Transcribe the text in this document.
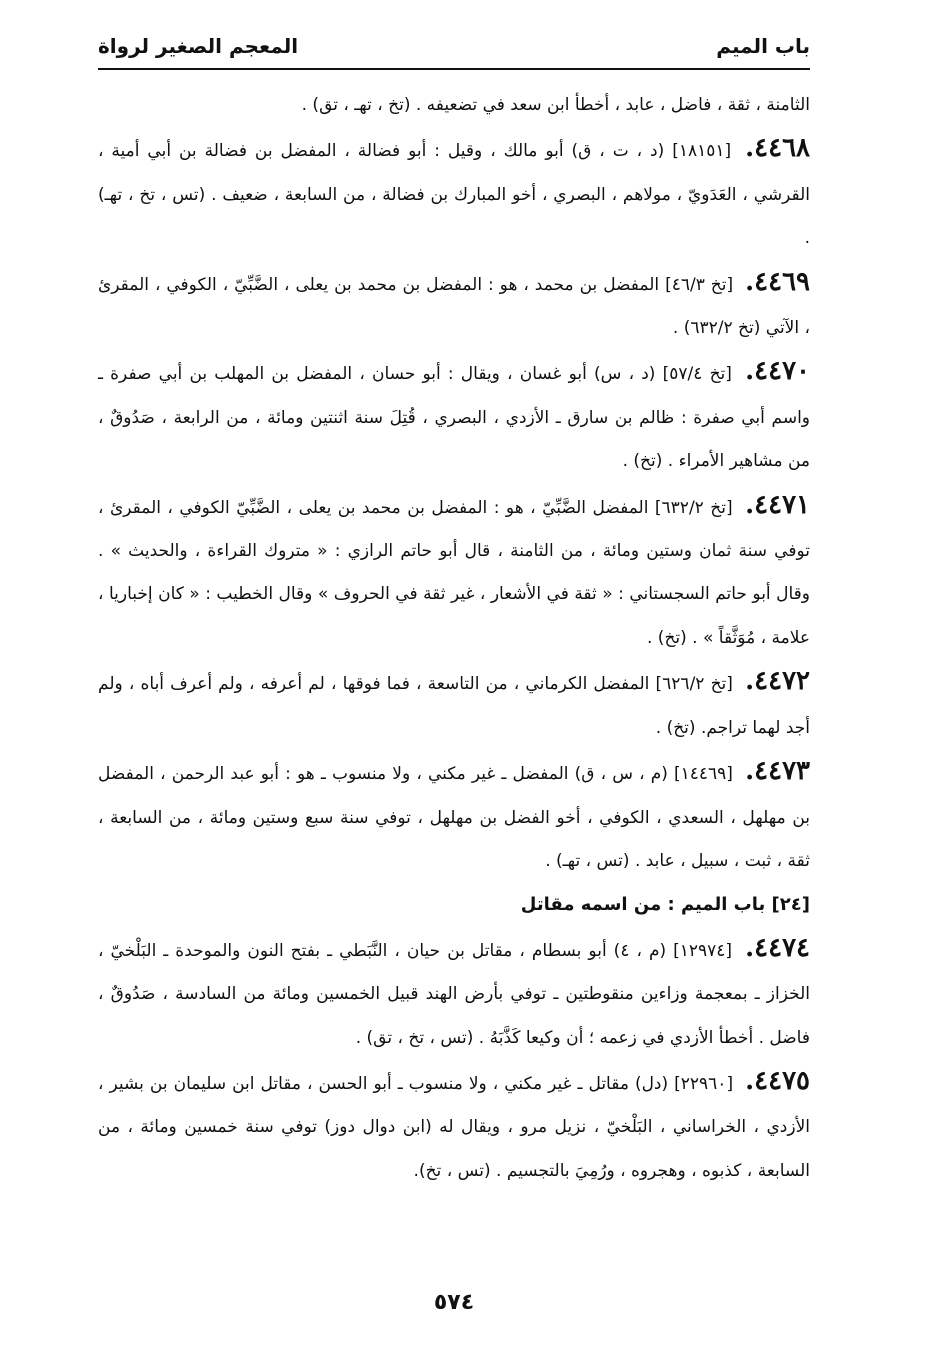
باب الميم
المعجم الصغير لرواة

الثامنة ، ثقة ، فاضل ، عابد ، أخطأ ابن سعد في تضعيفه . (تخ ، تهـ ، تق) .

٤٤٦٨. [١٨١٥١] (د ، ت ، ق) أبو مالك ، وقيل : أبو فضالة ، المفضل بن فضالة بن أبي أمية ، القرشي ، العَدَويّ ، مولاهم ، البصري ، أخو المبارك بن فضالة ، من السابعة ، ضعيف . (تس ، تخ ، تهـ) .

٤٤٦٩. [تخ ٤٦/٣] المفضل بن محمد ، هو : المفضل بن محمد بن يعلى ، الضَّبِّيّ ، الكوفي ، المقرئ ، الآتي (تخ ٦٣٢/٢) .

٤٤٧٠. [تخ ٥٧/٤] (د ، س) أبو غسان ، ويقال : أبو حسان ، المفضل بن المهلب بن أبي صفرة ـ واسم أبي صفرة : ظالم بن سارق ـ الأزدي ، البصري ، قُتِلَ سنة اثنتين ومائة ، من الرابعة ، صَدُوقٌ ، من مشاهير الأمراء . (تخ) .

٤٤٧١. [تخ ٦٣٢/٢] المفضل الضَّبِّيّ ، هو : المفضل بن محمد بن يعلى ، الضَّبِّيّ الكوفي ، المقرئ ، توفي سنة ثمان وستين ومائة ، من الثامنة ، قال أبو حاتم الرازي : « متروك القراءة ، والحديث » . وقال أبو حاتم السجستاني : « ثقة في الأشعار ، غير ثقة في الحروف » وقال الخطيب : « كان إخباريا ، علامة ، مُوَثَّقاً » . (تخ) .

٤٤٧٢. [تخ ٦٢٦/٢] المفضل الكرماني ، من التاسعة ، فما فوقها ، لم أعرفه ، ولم أعرف أباه ، ولم أجد لهما تراجم. (تخ) .

٤٤٧٣. [١٤٤٦٩] (م ، س ، ق) المفضل ـ غير مكني ، ولا منسوب ـ هو : أبو عبد الرحمن ، المفضل بن مهلهل ، السعدي ، الكوفي ، أخو الفضل بن مهلهل ، توفي سنة سبع وستين ومائة ، من السابعة ، ثقة ، ثبت ، سبيل ، عابد . (تس ، تهـ) .

[٢٤] باب الميم : من اسمه مقاتل

٤٤٧٤. [١٢٩٧٤] (م ، ٤) أبو بسطام ، مقاتل بن حيان ، النَّبَطي ـ بفتح النون والموحدة ـ البَلْخيّ ، الخزاز ـ بمعجمة وزاءين منقوطتين ـ توفي بأرض الهند قبيل الخمسين ومائة من السادسة ، صَدُوقٌ ، فاضل . أخطأ الأزدي في زعمه ؛ أن وكيعا كَذَّبَهُ . (تس ، تخ ، تق) .

٤٤٧٥. [٢٢٩٦٠] (دل) مقاتل ـ غير مكني ، ولا منسوب ـ أبو الحسن ، مقاتل ابن سليمان بن بشير ، الأزدي ، الخراساني ، البَلْخيّ ، نزيل مرو ، ويقال له (ابن دوال دوز) توفي سنة خمسين ومائة ، من السابعة ، كذبوه ، وهجروه ، ورُمِيَ بالتجسيم . (تس ، تخ).

٥٧٤
